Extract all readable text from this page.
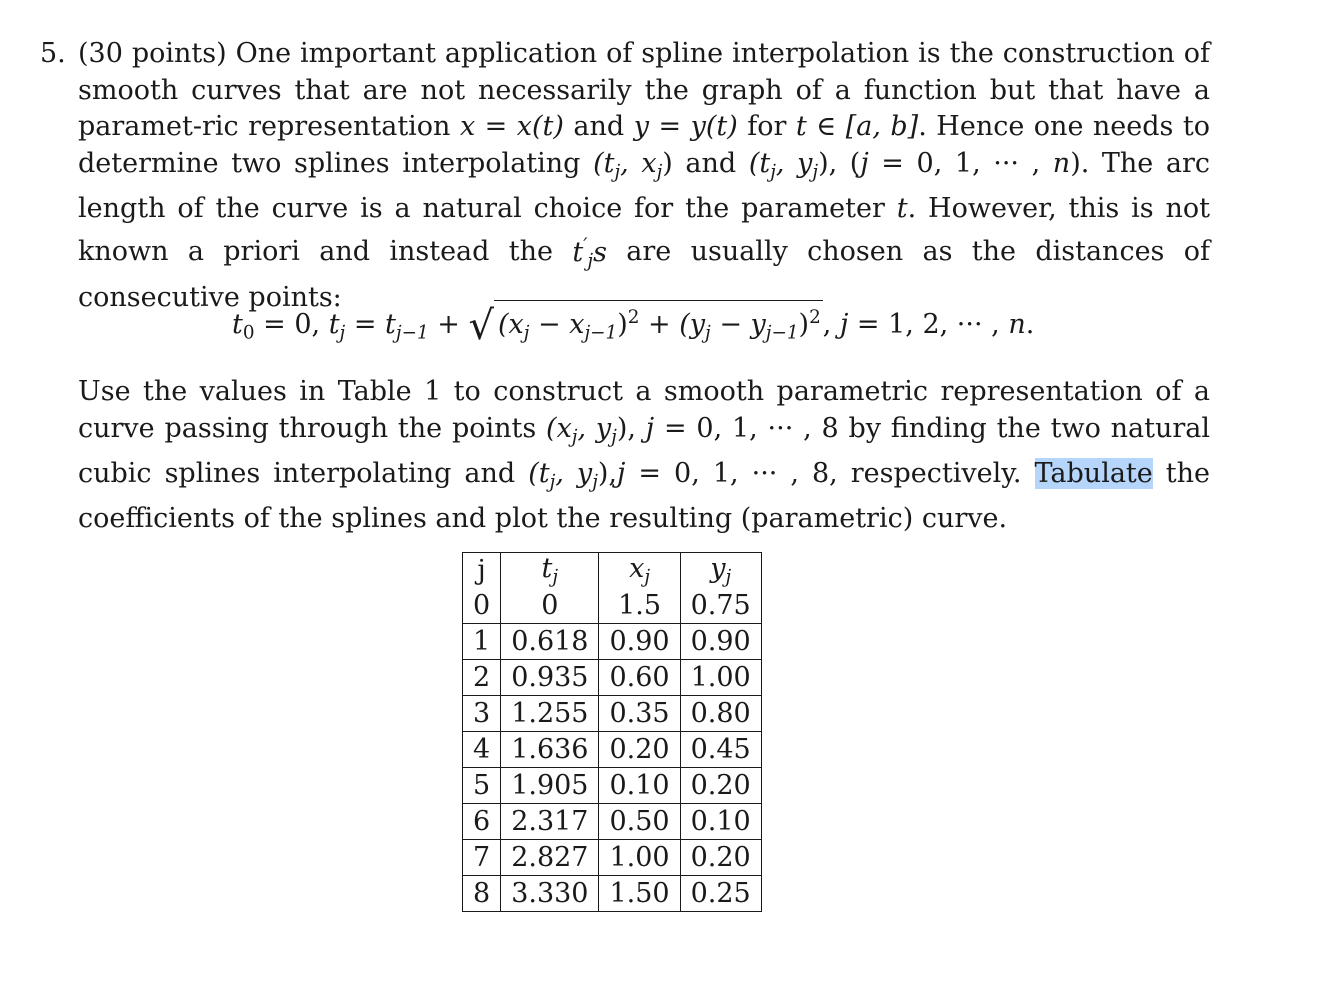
5. (30 points) One important application of spline interpolation is the construction of smooth curves that are not necessarily the graph of a function but that have a paramet-ric representation x = x(t) and y = y(t) for t ∈ [a, b]. Hence one needs to determine two splines interpolating ($t_j$, $x_j$) and ($t_j$, $y_j$), (j = 0, 1, ··· , n). The arc length of the curve is a natural choice for the parameter t. However, this is not known a priori and instead the $t'_js$ are usually chosen as the distances of consecutive points:
$t_0 = 0$, $t_j = t_{j-1}$ + √ $(x_j - x_{j-1})^2 + (y_j - y_{j-1})^2$, j = 1, 2, ··· , n.
Use the values in Table 1 to construct a smooth parametric representation of a curve passing through the points ($x_j$, $y_j$), j = 0, 1, ··· , 8 by finding the two natural cubic splines interpolating and ($t_j$, $y_j),j = 0$, 1, ··· , 8, respectively. Tabulate the coefficients of the splines and plot the resulting (parametric) curve.
j	$t_j$	$x_j$	$y_j$
0	0	1.5	0.75
1	0.618	0.90	0.90
2	0.935	0.60	1.00
3	1.255	0.35	0.80
4	1.636	0.20	0.45
5	1.905	0.10	0.20
6	2.317	0.50	0.10
7	2.827	1.00	0.20
8	3.330	1.50	0.25
